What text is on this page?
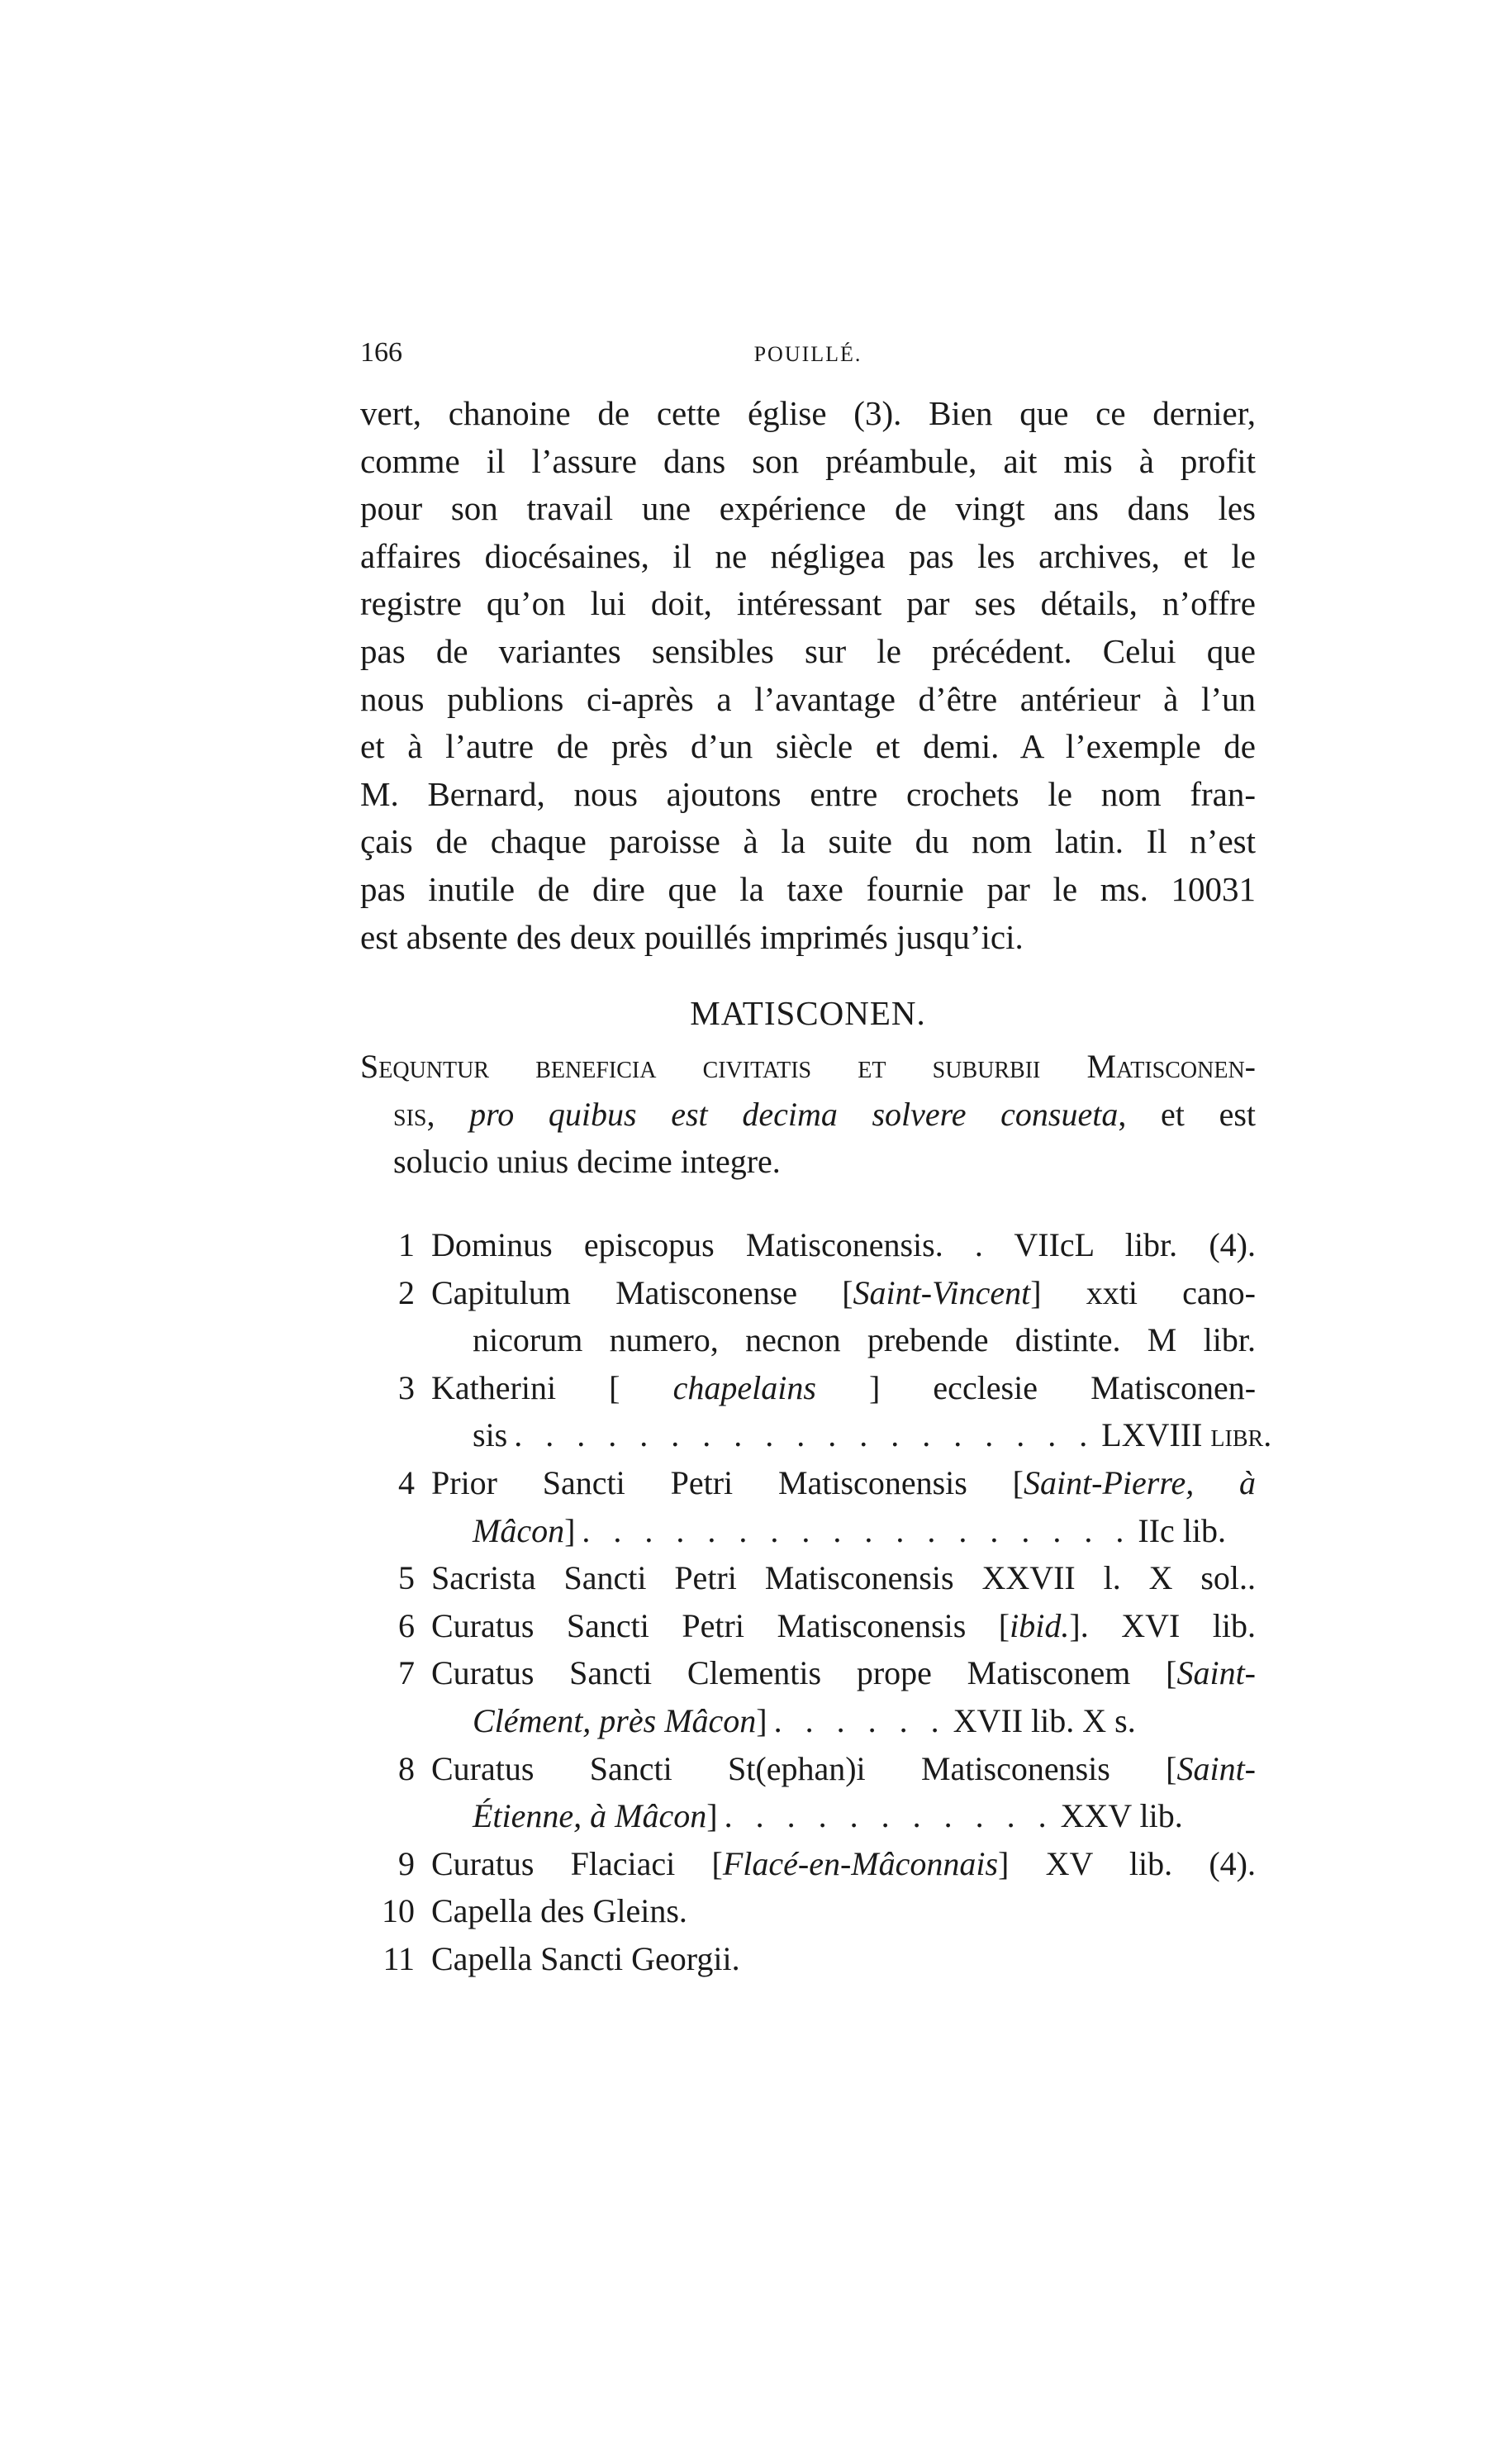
166	POUILLÉ.
vert, chanoine de cette église (3). Bien que ce dernier,
comme il l’assure dans son préambule, ait mis à profit
pour son travail une expérience de vingt ans dans les
affaires diocésaines, il ne négligea pas les archives, et le
registre qu’on lui doit, intéressant par ses détails, n’offre
pas de variantes sensibles sur le précédent. Celui que
nous publions ci-après a l’avantage d’être antérieur à l’un
et à l’autre de près d’un siècle et demi. A l’exemple de
M. Bernard, nous ajoutons entre crochets le nom fran-
çais de chaque paroisse à la suite du nom latin. Il n’est
pas inutile de dire que la taxe fournie par le ms. 10031
est absente des deux pouillés imprimés jusqu’ici.
MATISCONEN.
Sequntur beneficia civitatis et suburbii Matisconen-
sis, pro quibus est decima solvere consueta, et est
solucio unius decime integre.
1 Dominus episcopus Matisconensis. . VIIcL libr. (4).
2 Capitulum Matisconense [Saint-Vincent] xxti cano-
nicorum numero, necnon prebende distinte. M libr.
3 Katherini [ chapelains ] ecclesie Matisconen-
sis . . . . . . . . . . . . . . . . . . . LXVIII libr.
4 Prior Sancti Petri Matisconensis [Saint-Pierre, à
Mâcon] . . . . . . . . . . . . . . . . . . IIc lib.
5 Sacrista Sancti Petri Matisconensis XXVII l. X sol..
6 Curatus Sancti Petri Matisconensis [ibid.]. XVI lib.
7 Curatus Sancti Clementis prope Matisconem [Saint-
Clément, près Mâcon] . . . . . . XVII lib. X s.
8 Curatus Sancti St(ephan)i Matisconensis [Saint-
Étienne, à Mâcon] . . . . . . . . . . . XXV lib.
9 Curatus Flaciaci [Flacé-en-Mâconnais] XV lib. (4).
10 Capella des Gleins.
11 Capella Sancti Georgii.
